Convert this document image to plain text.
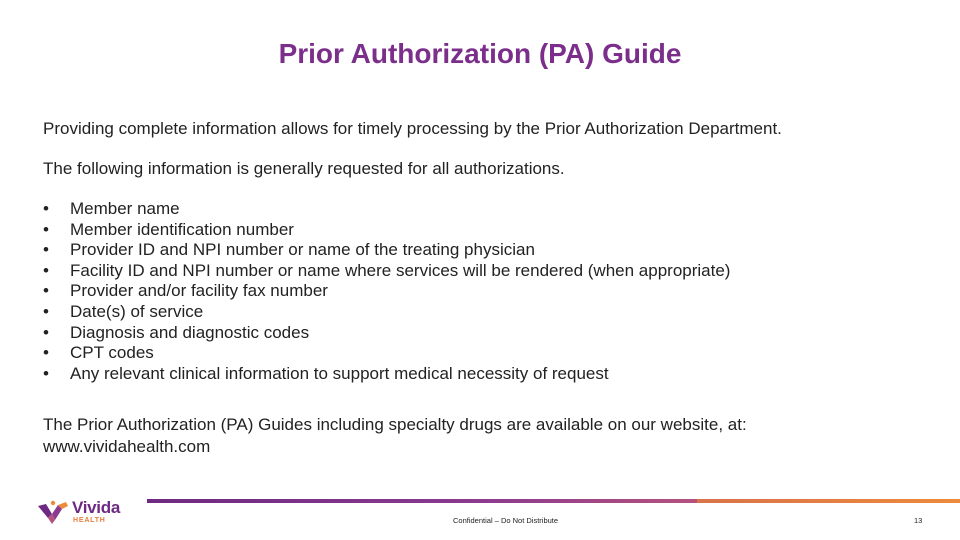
Prior Authorization (PA) Guide
Providing complete information allows for timely processing by the Prior Authorization Department.
The following information is generally requested for all authorizations.
• Member name
• Member identification number
• Provider ID and NPI number or name of the treating physician
• Facility ID and NPI number or name where services will be rendered (when appropriate)
• Provider and/or facility fax number
• Date(s) of service
• Diagnosis and diagnostic codes
• CPT codes
• Any relevant clinical information to support medical necessity of request
The Prior Authorization (PA) Guides including specialty drugs are available on our website, at:
www.vividahealth.com
Vivida
HEALTH	Confidential – Do Not Distribute	13
